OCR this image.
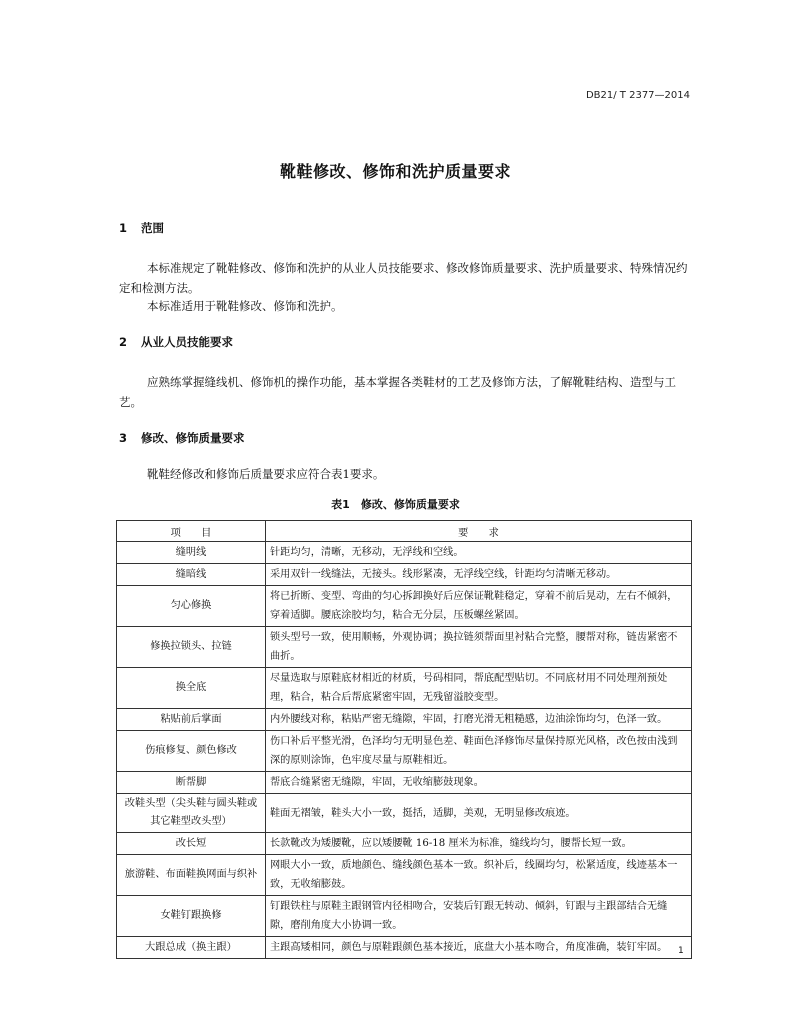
DB21/ T 2377—2014
靴鞋修改、修饰和洗护质量要求
1 范围
本标准规定了靴鞋修改、修饰和洗护的从业人员技能要求、修改修饰质量要求、洗护质量要求、特殊情况约定和检测方法。
本标准适用于靴鞋修改、修饰和洗护。
2 从业人员技能要求
应熟练掌握缝线机、修饰机的操作功能，基本掌握各类鞋材的工艺及修饰方法，了解靴鞋结构、造型与工艺。
3 修改、修饰质量要求
靴鞋经修改和修饰后质量要求应符合表1要求。
表1　修改、修饰质量要求
项　　目	要　　求
缝明线	针距均匀，清晰，无移动，无浮线和空线。
缝暗线	采用双针一线缝法，无接头。线形紧凑，无浮线空线，针距均匀清晰无移动。
匀心修换	将已折断、变型、弯曲的匀心拆卸换好后应保证靴鞋稳定，穿着不前后晃动，左右不倾斜，穿着适脚。腰底涂胶均匀，粘合无分层，压板螺丝紧固。
修换拉锁头、拉链	锁头型号一致，使用顺畅，外观协调；换拉链须帮面里衬粘合完整，腰帮对称，链齿紧密不曲折。
换全底	尽量选取与原鞋底材相近的材质，号码相同，帮底配型贴切。不同底材用不同处理剂预处理，粘合，粘合后帮底紧密牢固，无残留溢胶变型。
粘贴前后掌面	内外腰线对称，粘贴严密无缝隙，牢固，打磨光滑无粗糙感，边油涂饰均匀，色泽一致。
伤痕修复、颜色修改	伤口补后平整光滑，色泽均匀无明显色差、鞋面色泽修饰尽量保持原光风格，改色按由浅到深的原则涂饰，色牢度尽量与原鞋相近。
断帮脚	帮底合缝紧密无缝隙，牢固，无收缩膨鼓现象。
改鞋头型（尖头鞋与圆头鞋或其它鞋型改头型）	鞋面无褶皱，鞋头大小一致，挺括，适脚，美观，无明显修改痕迹。
改长短	长款靴改为矮腰靴，应以矮腰靴 16-18 厘米为标准，缝线均匀，腰帮长短一致。
旅游鞋、布面鞋换网面与织补	网眼大小一致，质地颜色、缝线颜色基本一致。织补后，线圈均匀，松紧适度，线迹基本一致，无收缩膨鼓。
女鞋钉跟换修	钉跟铁柱与原鞋主跟钢管内径相吻合，安装后钉跟无转动、倾斜，钉跟与主跟部结合无缝隙，磨削角度大小协调一致。
大跟总成（换主跟）	主跟高矮相同，颜色与原鞋跟颜色基本接近，底盘大小基本吻合，角度准确，装钉牢固。 1
